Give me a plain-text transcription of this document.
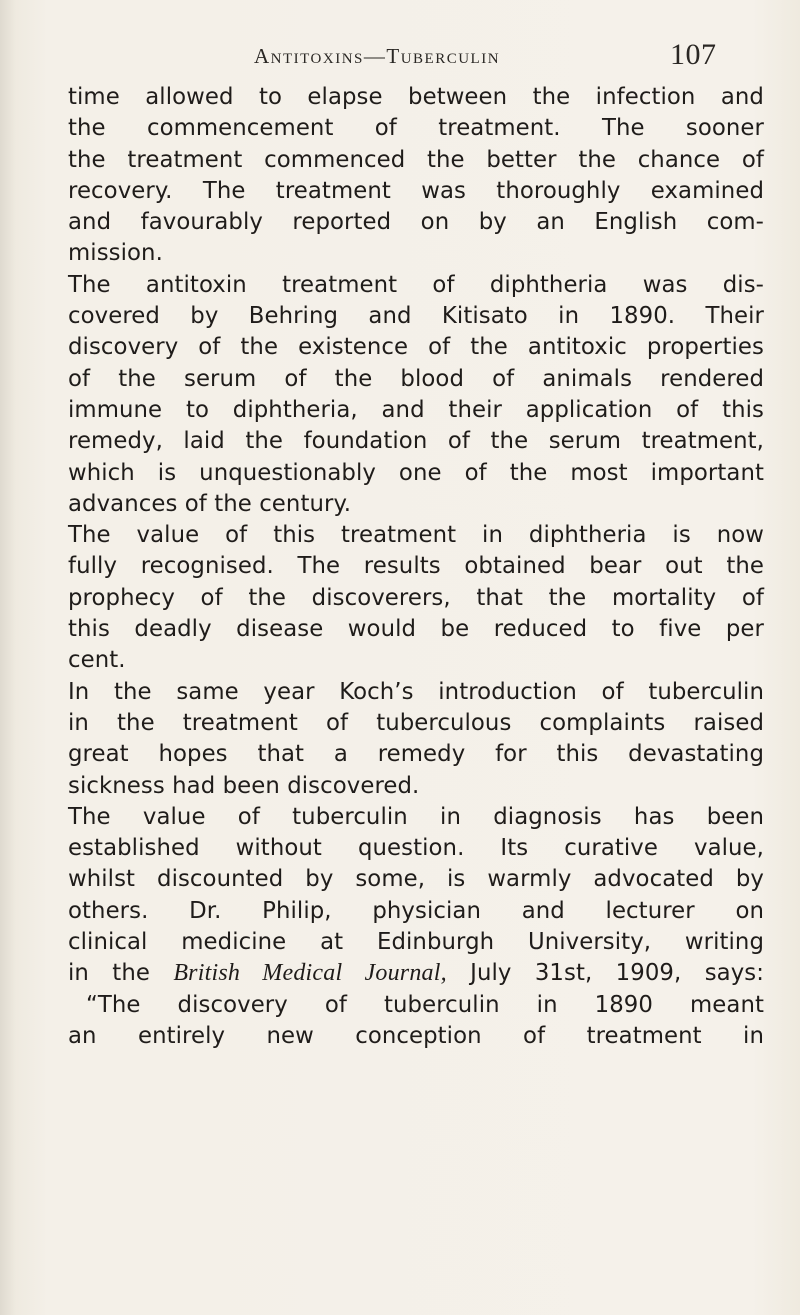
Antitoxins—Tuberculin	107
time allowed to elapse between the infection and
the commencement of treatment. The sooner
the treatment commenced the better the chance of
recovery. The treatment was thoroughly examined
and favourably reported on by an English com-
mission.
The antitoxin treatment of diphtheria was dis-
covered by Behring and Kitisato in 1890. Their
discovery of the existence of the antitoxic properties
of the serum of the blood of animals rendered
immune to diphtheria, and their application of this
remedy, laid the foundation of the serum treatment,
which is unquestionably one of the most important
advances of the century.
The value of this treatment in diphtheria is now
fully recognised. The results obtained bear out the
prophecy of the discoverers, that the mortality of
this deadly disease would be reduced to five per
cent.
In the same year Koch’s introduction of tuberculin
in the treatment of tuberculous complaints raised
great hopes that a remedy for this devastating
sickness had been discovered.
The value of tuberculin in diagnosis has been
established without question. Its curative value,
whilst discounted by some, is warmly advocated by
others. Dr. Philip, physician and lecturer on
clinical medicine at Edinburgh University, writing
in the British Medical Journal, July 31st, 1909, says:
“The discovery of tuberculin in 1890 meant
an entirely new conception of treatment in
